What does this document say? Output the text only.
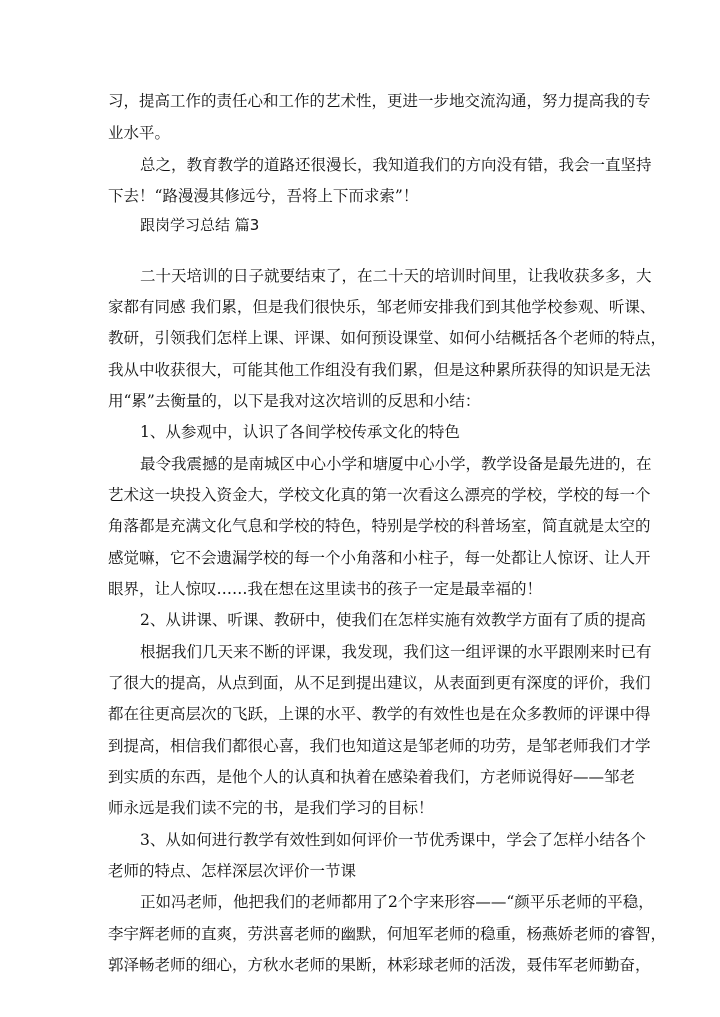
习，提高工作的责任心和工作的艺术性，更进一步地交流沟通，努力提高我的专
业水平。
总之，教育教学的道路还很漫长，我知道我们的方向没有错，我会一直坚持
下去！“路漫漫其修远兮，吾将上下而求索”！
跟岗学习总结 篇3
二十天培训的日子就要结束了，在二十天的培训时间里，让我收获多多，大
家都有同感 我们累，但是我们很快乐，邹老师安排我们到其他学校参观、听课、
教研，引领我们怎样上课、评课、如何预设课堂、如何小结概括各个老师的特点，
我从中收获很大，可能其他工作组没有我们累，但是这种累所获得的知识是无法
用“累”去衡量的，以下是我对这次培训的反思和小结：
1、从参观中，认识了各间学校传承文化的特色
最令我震撼的是南城区中心小学和塘厦中心小学，教学设备是最先进的，在
艺术这一块投入资金大，学校文化真的第一次看这么漂亮的学校，学校的每一个
角落都是充满文化气息和学校的特色，特别是学校的科普场室，简直就是太空的
感觉嘛，它不会遗漏学校的每一个小角落和小柱子，每一处都让人惊讶、让人开
眼界，让人惊叹……我在想在这里读书的孩子一定是最幸福的！
2、从讲课、听课、教研中，使我们在怎样实施有效教学方面有了质的提高
根据我们几天来不断的评课，我发现，我们这一组评课的水平跟刚来时已有
了很大的提高，从点到面，从不足到提出建议，从表面到更有深度的评价，我们
都在往更高层次的飞跃，上课的水平、教学的有效性也是在众多教师的评课中得
到提高，相信我们都很心喜，我们也知道这是邹老师的功劳，是邹老师我们才学
到实质的东西，是他个人的认真和执着在感染着我们，方老师说得好——邹老
师永远是我们读不完的书，是我们学习的目标！
3、从如何进行教学有效性到如何评价一节优秀课中，学会了怎样小结各个
老师的特点、怎样深层次评价一节课
正如冯老师，他把我们的老师都用了2个字来形容——“颜平乐老师的平稳，
李宇辉老师的直爽，劳洪喜老师的幽默，何旭军老师的稳重，杨燕娇老师的睿智，
郭泽畅老师的细心，方秋水老师的果断，林彩球老师的活泼，聂伟军老师勤奋，
